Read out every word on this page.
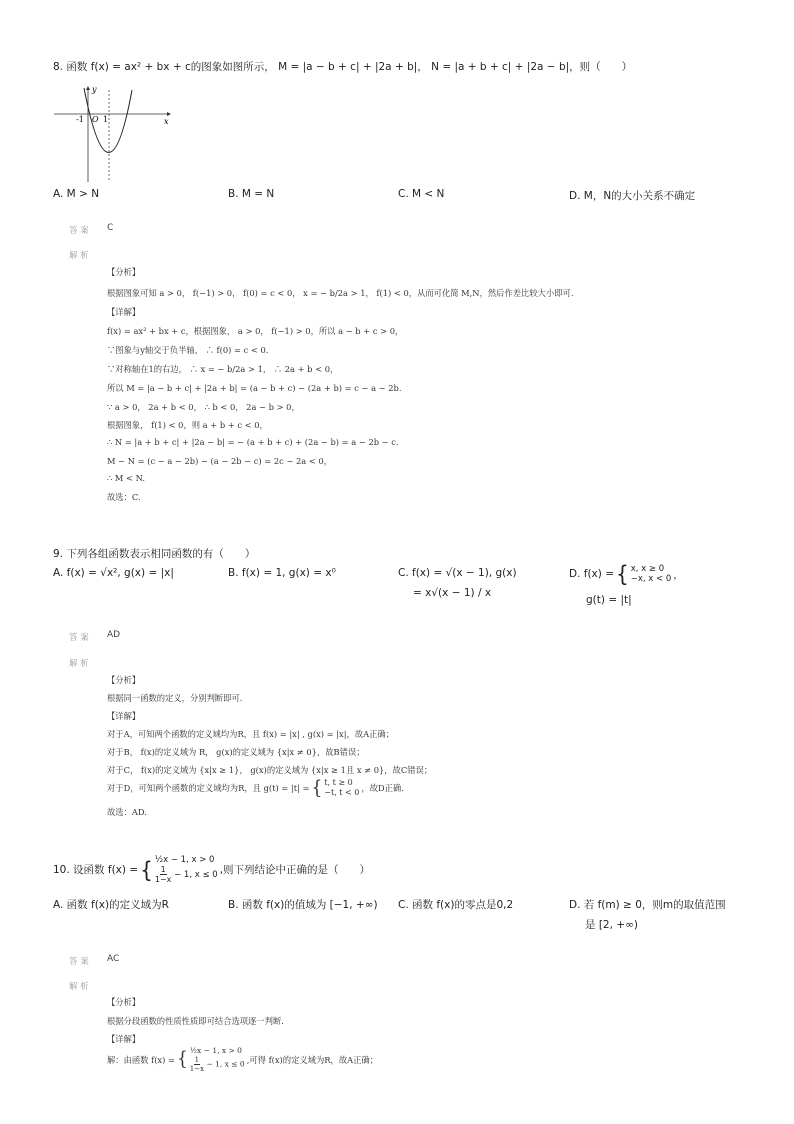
8. 函数 f(x) = ax² + bx + c的图象如图所示， M = |a − b + c| + |2a + b|， N = |a + b + c| + |2a − b|，则（　　）
y
x
-1 O 1
A. M > N	B. M = N	C. M < N	D. M，N的大小关系不确定
答 案 C
解 析
【分析】
根据图象可知 a > 0， f(−1) > 0， f(0) = c < 0， x = − b/2a > 1， f(1) < 0，从而可化简 M,N，然后作差比较大小即可.
【详解】
f(x) = ax² + bx + c，根据图象， a > 0， f(−1) > 0，所以 a − b + c > 0，
∵图象与y轴交于负半轴， ∴ f(0) = c < 0.
∵对称轴在1的右边， ∴ x = − b/2a > 1， ∴ 2a + b < 0，
所以 M = |a − b + c| + |2a + b| = (a − b + c) − (2a + b) = c − a − 2b.
∵ a > 0， 2a + b < 0， ∴ b < 0， 2a − b > 0，
根据图象， f(1) < 0，则 a + b + c < 0，
∴ N = |a + b + c| + |2a − b| = − (a + b + c) + (2a − b) = a − 2b − c.
M − N = (c − a − 2b) − (a − 2b − c) = 2c − 2a < 0，
∴ M < N.
故选：C.
9. 下列各组函数表示相同函数的有（　　）
A. f(x) = √x², g(x) = |x|	B. f(x) = 1, g(x) = x⁰	C. f(x) = √(x − 1), g(x)
= x√(x − 1) / x
D. f(x) = { x, x ≥ 0
−x, x < 0 ，
g(t) = |t|
答 案 AD
解 析
【分析】
根据同一函数的定义，分别判断即可.
【详解】
对于A，可知两个函数的定义域均为R，且 f(x) = |x| , g(x) = |x|，故A正确；
对于B， f(x)的定义域为 R， g(x)的定义域为 {x|x ≠ 0}，故B错误；
对于C， f(x)的定义域为 {x|x ≥ 1}， g(x)的定义域为 {x|x ≥ 1且 x ≠ 0}，故C错误；
对于D，可知两个函数的定义域均为R，且 g(t) = |t| = { t, t ≥ 0
−t, t < 0 ，故D正确.
故选：AD.
10. 设函数 f(x) = { ½x − 1, x > 0
$\frac{1}{1-x} - 1$, x ≤ 0 ,则下列结论中正确的是（　　）
A. 函数 f(x)的定义域为R	B. 函数 f(x)的值域为 [−1, +∞) C. 函数 f(x)的零点是0,2	D. 若 f(m) ≥ 0，则m的取值范围
是 [2, +∞)
答 案 AC
解 析
【分析】
根据分段函数的性质性质即可结合选项逐一判断.
【详解】
解：由函数 f(x) = { ½x − 1, x > 0
$\frac{1}{1-x} - 1$, x ≤ 0 ,可得 f(x)的定义域为R，故A正确；
